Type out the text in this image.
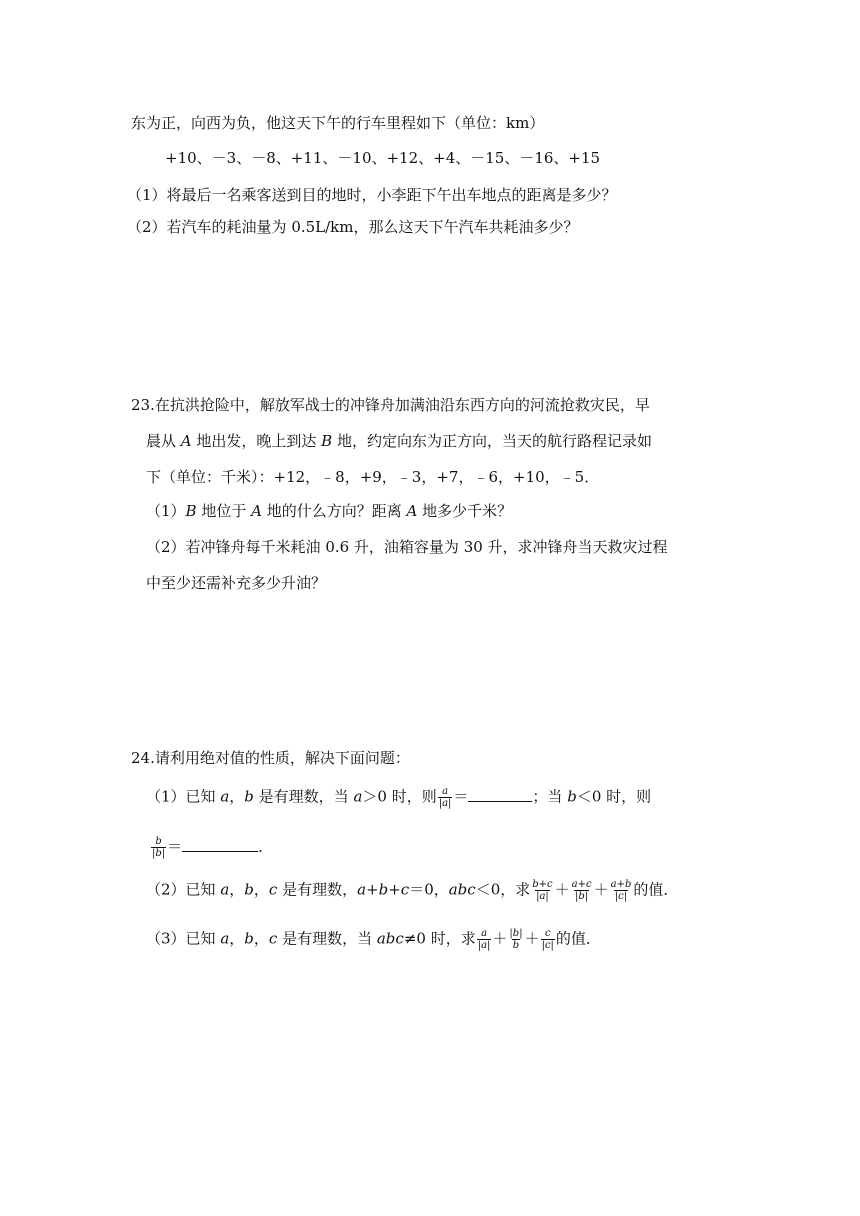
东为正，向西为负，他这天下午的行车里程如下（单位：km）
+10、－3、－8、+11、－10、+12、+4、－15、－16、+15
（1）将最后一名乘客送到目的地时，小李距下午出车地点的距离是多少？
（2）若汽车的耗油量为 0.5L/km，那么这天下午汽车共耗油多少？
23.在抗洪抢险中，解放军战士的冲锋舟加满油沿东西方向的河流抢救灾民，早
晨从 A 地出发，晚上到达 B 地，约定向东为正方向，当天的航行路程记录如
下（单位：千米）：+12，﹣8，+9，﹣3，+7，﹣6，+10，﹣5．
（1）B 地位于 A 地的什么方向？距离 A 地多少千米？
（2）若冲锋舟每千米耗油 0.6 升，油箱容量为 30 升，求冲锋舟当天救灾过程
中至少还需补充多少升油？
24.请利用绝对值的性质，解决下面问题：
（1）已知 a，b 是有理数，当 a＞0 时，则 $\frac{a}{|a|}$ ＝	；当 b＜0 时，则
$\frac{b}{|b|}$ ＝	．
（2）已知 a，b，c 是有理数，a+b+c＝0，abc＜0，求 $\frac{b+c}{|a|} + \frac{a+c}{|b|} + \frac{a+b}{|c|}$ 的值．
（3）已知 a，b，c 是有理数，当 abc≠0 时，求 $\frac{a}{|a|} + \frac{|b|}{b} + \frac{c}{|c|}$ 的值．
